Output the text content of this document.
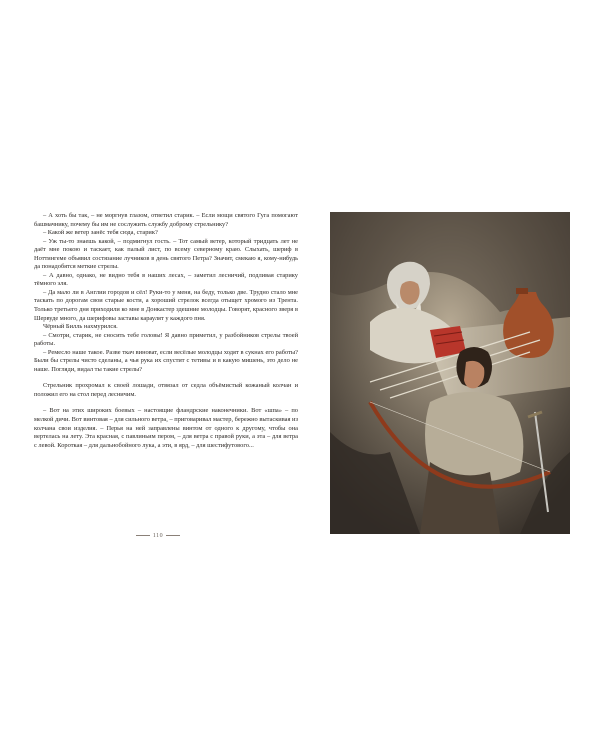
– А хоть бы так, – не моргнув глазом, ответил старик. – Если мощи святого Гуга помогают башмачнику, почему бы им не сослужить службу доброму стрельнику?

– Какой же ветер занёс тебя сюда, старик?

– Уж ты-то знаешь какой, – подмигнул гость. – Тот самый ветер, который тридцать лет не даёт мне покою и таскает, как палый лист, по всему северному краю. Слыхать, шериф в Ноттингеме объявил состязание лучников в день святого Петра? Значит, смекаю я, кому-нибудь да понадобятся меткие стрелы.

– А давно, однако, не видно тебя в наших лесах, – заметил лесничий, подливая старику тёмного эля.

– Да мало ли в Англии городов и сёл! Руки-то у меня, на беду, только две. Трудно стало мне таскать по дорогам свои старые кости, а хороший стрелок всегда отыщет хромого из Трента. Только третьего дня приходили ко мне в Донкастер здешние молодцы. Говорят, красного зверя в Шервуде много, да шерифовы заставы караулят у каждого пня.

Чёрный Билль нахмурился.

– Смотри, старик, не сносить тебе головы! Я давно приметил, у разбойников стрелы твоей работы.

– Ремесло наше такое. Разве ткач виноват, если весёлые молодцы ходят в сукнах его работы? Были бы стрелы чисто сделаны, а чья рука их спустит с тетивы и в какую мишень, это дело не наше. Погляди, видал ты такие стрелы?

Стрельник прохромал к своей лошади, отвязал от седла объёмистый кожаный колчан и положил его на стол перед лесничим.

– Вот на этих широких боевых – настоящие фландрские наконечники. Вот «шпа» – по мелкой дичи. Вот винтовая – для сильного ветра, – приговаривал мастер, бережно вытаскивая из колчана свои изделия. – Перья на ней заправлены винтом от одного к другому, чтобы она вертелась на лету. Эта красная, с павлиньим пером, – для ветра с правой руки, а эта – для ветра с левой. Короткая – для дальнобойного лука, а эти, в ярд, – для шестифутового...

110
